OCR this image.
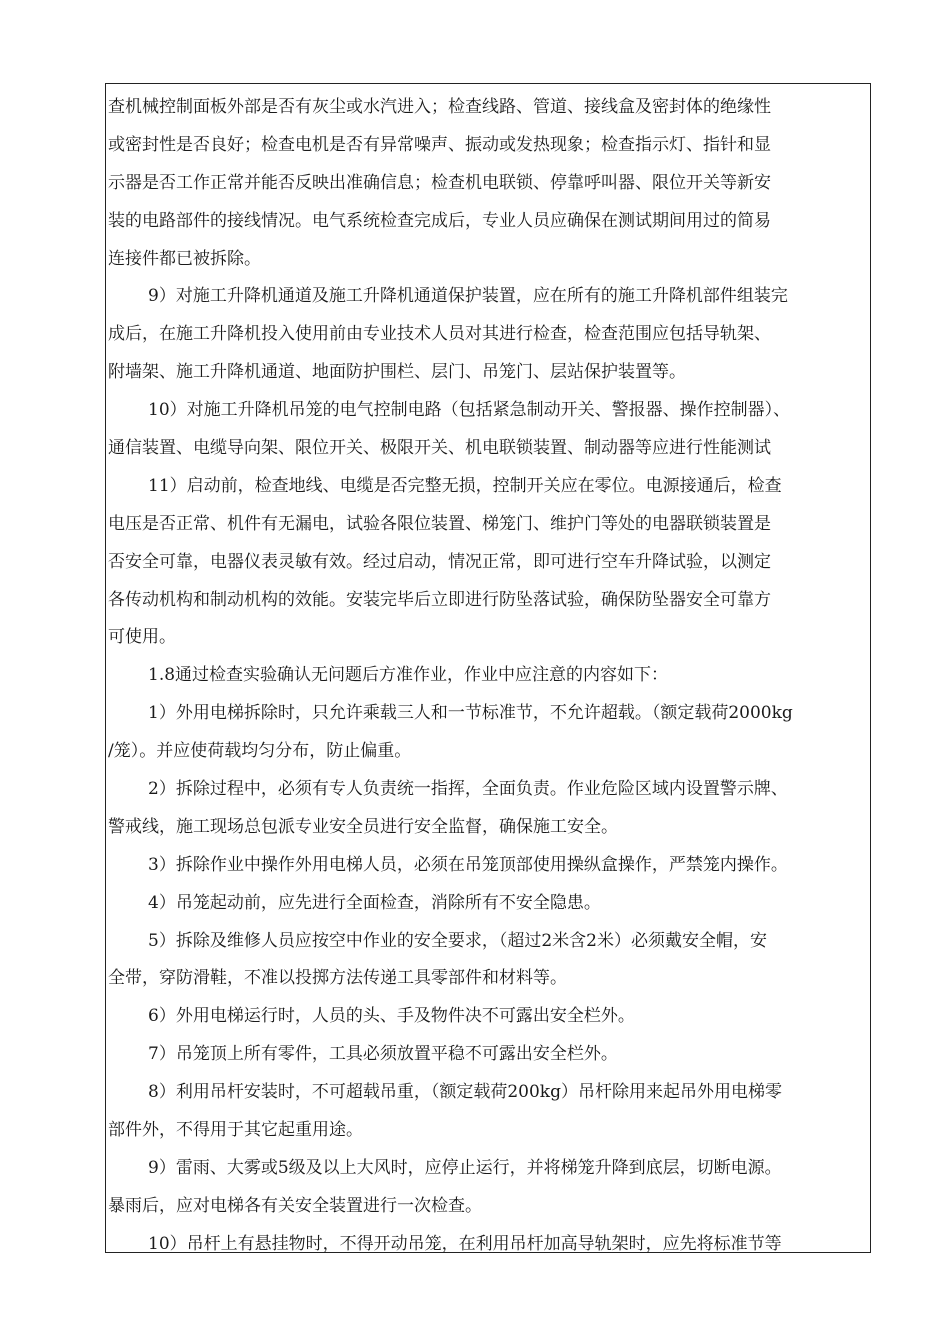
查机械控制面板外部是否有灰尘或水汽进入；检查线路、管道、接线盒及密封体的绝缘性
或密封性是否良好；检查电机是否有异常噪声、振动或发热现象；检查指示灯、指针和显
示器是否工作正常并能否反映出准确信息；检查机电联锁、停靠呼叫器、限位开关等新安
装的电路部件的接线情况。电气系统检查完成后，专业人员应确保在测试期间用过的简易
连接件都已被拆除。
9）对施工升降机通道及施工升降机通道保护装置，应在所有的施工升降机部件组装完
成后，在施工升降机投入使用前由专业技术人员对其进行检查，检查范围应包括导轨架、
附墙架、施工升降机通道、地面防护围栏、层门、吊笼门、层站保护装置等。
10）对施工升降机吊笼的电气控制电路（包括紧急制动开关、警报器、操作控制器）、
通信装置、电缆导向架、限位开关、极限开关、机电联锁装置、制动器等应进行性能测试
11）启动前，检查地线、电缆是否完整无损，控制开关应在零位。电源接通后，检查
电压是否正常、机件有无漏电，试验各限位装置、梯笼门、维护门等处的电器联锁装置是
否安全可靠，电器仪表灵敏有效。经过启动，情况正常，即可进行空车升降试验，以测定
各传动机构和制动机构的效能。安装完毕后立即进行防坠落试验，确保防坠器安全可靠方
可使用。
1.8通过检查实验确认无问题后方准作业，作业中应注意的内容如下：
1）外用电梯拆除时，只允许乘载三人和一节标准节，不允许超载。（额定载荷2000kg
/笼）。并应使荷载均匀分布，防止偏重。
2）拆除过程中，必须有专人负责统一指挥，全面负责。作业危险区域内设置警示牌、
警戒线，施工现场总包派专业安全员进行安全监督，确保施工安全。
3）拆除作业中操作外用电梯人员，必须在吊笼顶部使用操纵盒操作，严禁笼内操作。
4）吊笼起动前，应先进行全面检查，消除所有不安全隐患。
5）拆除及维修人员应按空中作业的安全要求，（超过2米含2米）必须戴安全帽，安
全带，穿防滑鞋，不准以投掷方法传递工具零部件和材料等。
6）外用电梯运行时，人员的头、手及物件决不可露出安全栏外。
7）吊笼顶上所有零件，工具必须放置平稳不可露出安全栏外。
8）利用吊杆安装时，不可超载吊重，（额定载荷200kg）吊杆除用来起吊外用电梯零
部件外，不得用于其它起重用途。
9）雷雨、大雾或5级及以上大风时，应停止运行，并将梯笼升降到底层，切断电源。
暴雨后，应对电梯各有关安全装置进行一次检查。
10）吊杆上有悬挂物时，不得开动吊笼，在利用吊杆加高导轨架时，应先将标准节等
